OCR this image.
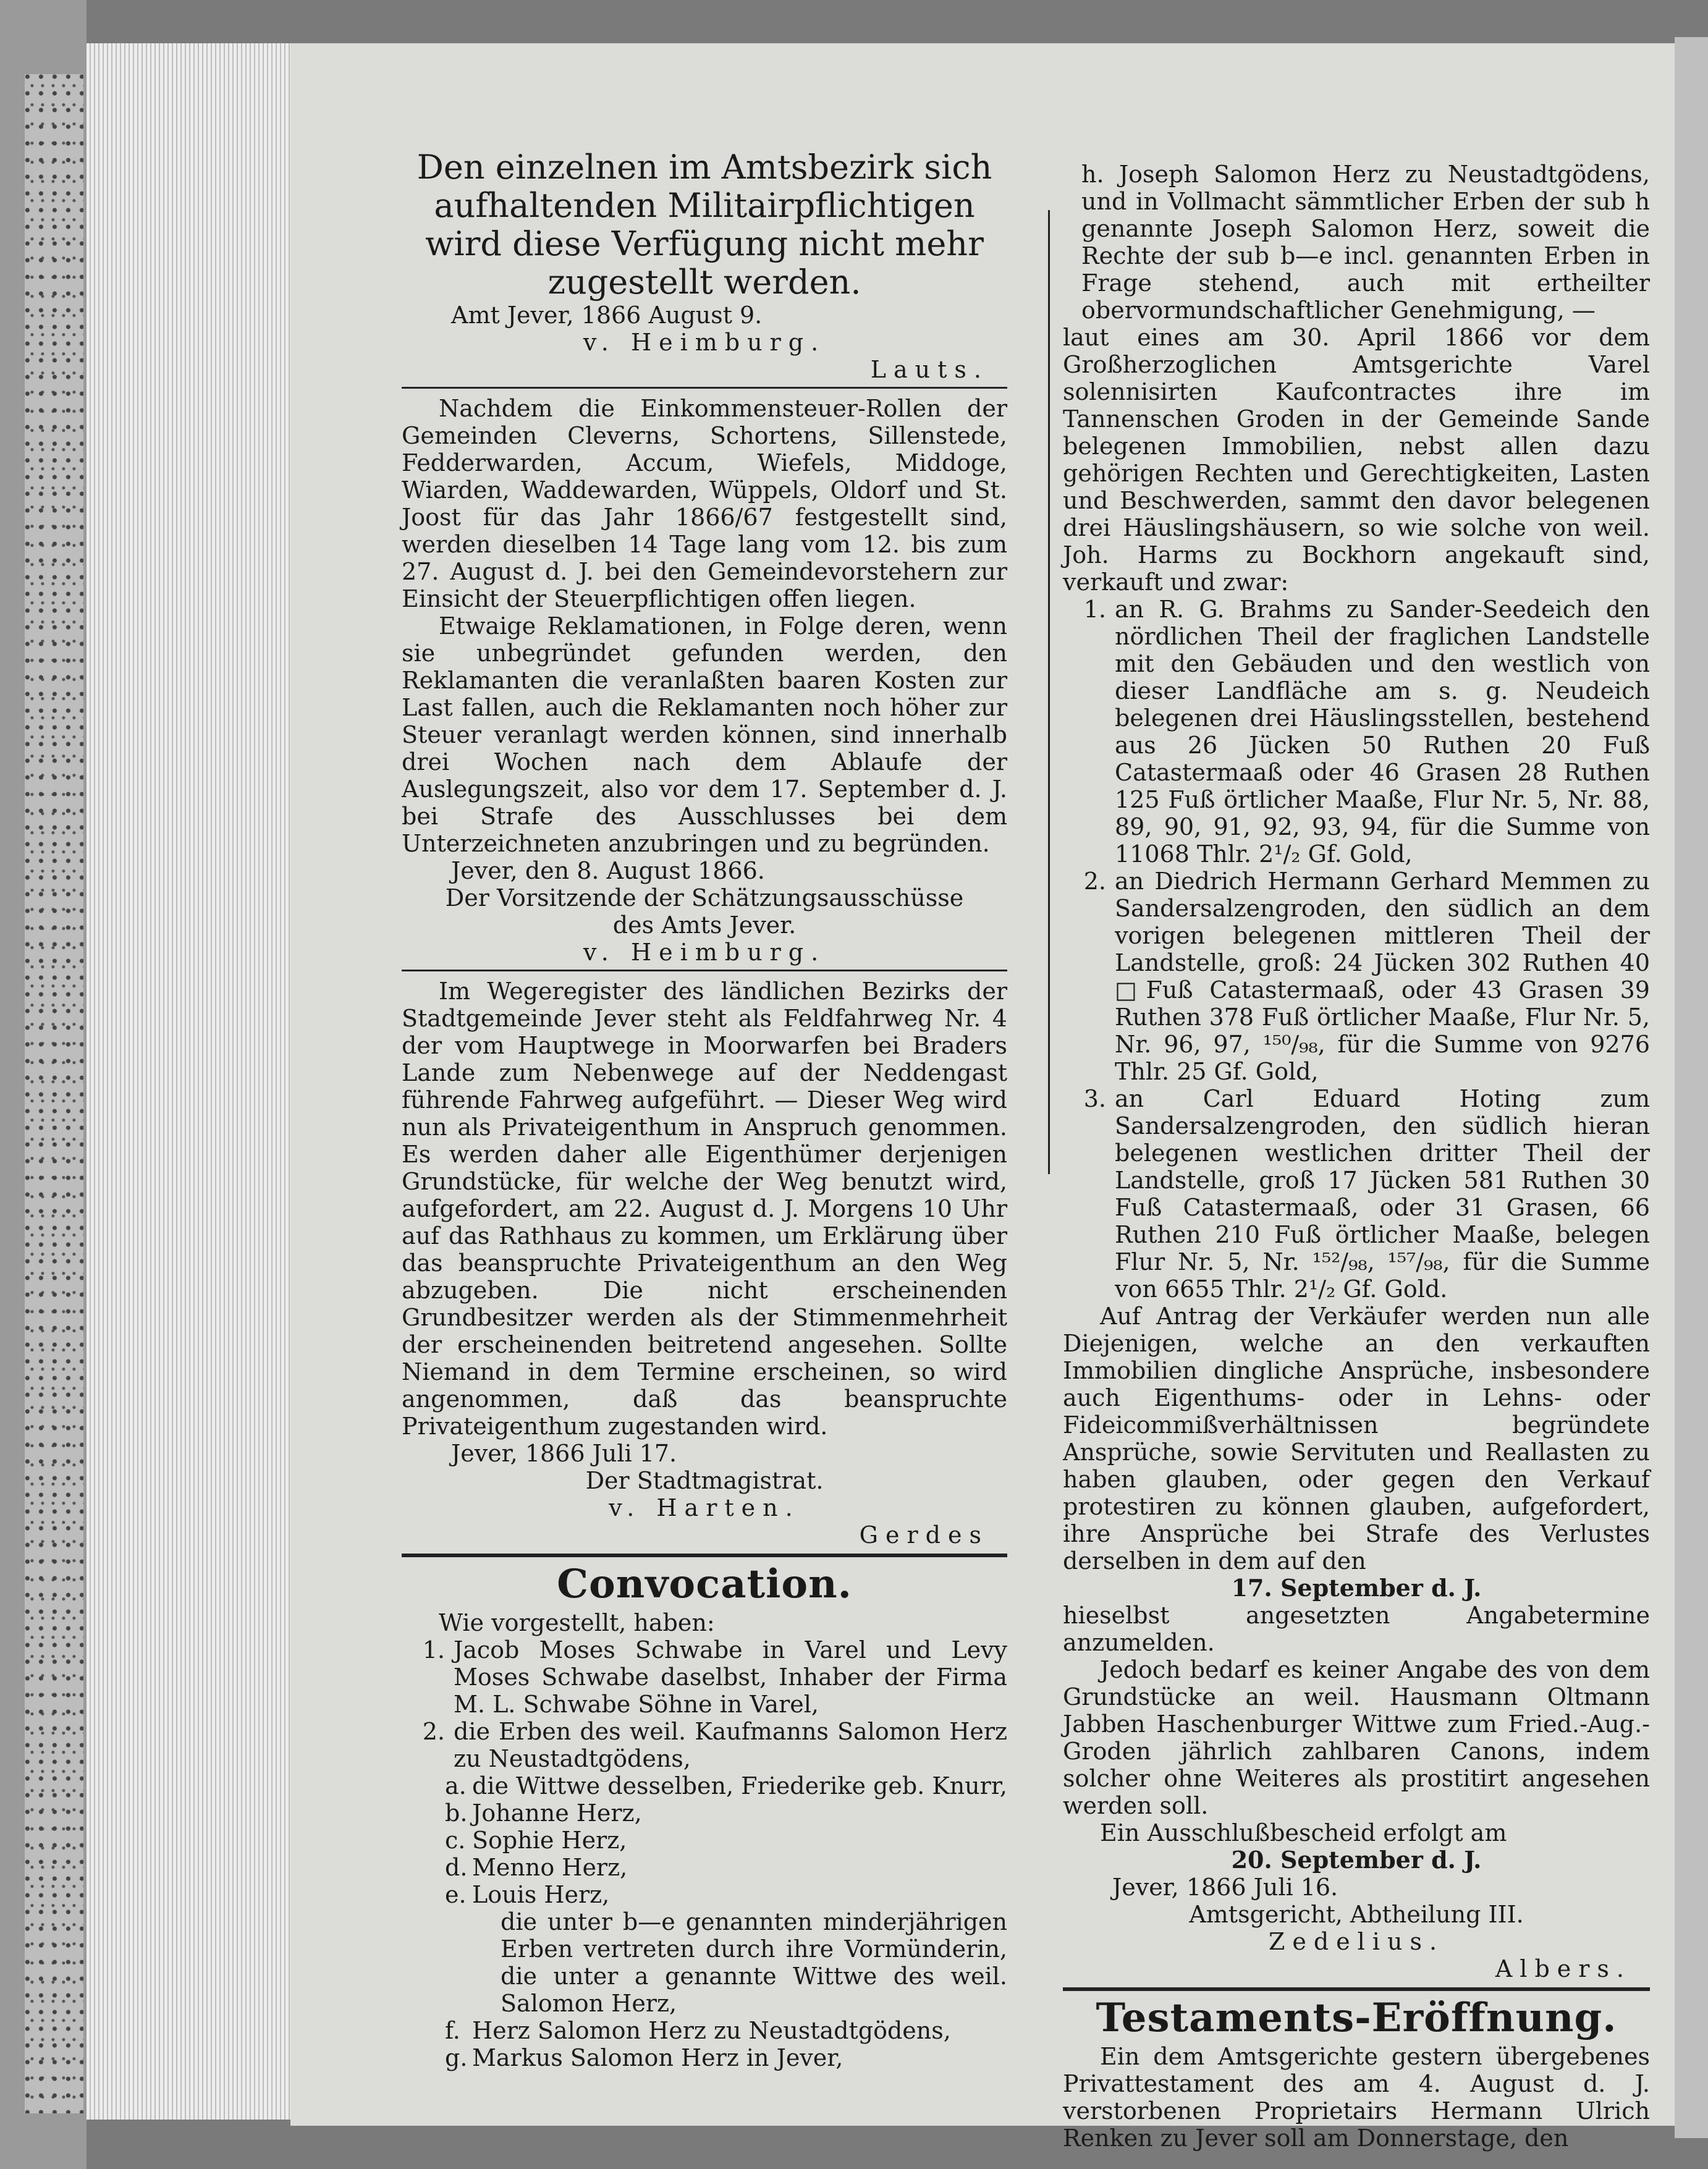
Den einzelnen im Amtsbezirk sich aufhaltenden Militairpflichtigen wird diese Verfügung nicht mehr zugestellt werden.

Amt Jever, 1866 August 9.

v. Heimburg.

Lauts.

Nachdem die Einkommensteuer-Rollen der Gemeinden Cleverns, Schortens, Sillenstede, Fedderwarden, Accum, Wiefels, Middoge, Wiarden, Waddewarden, Wüppels, Oldorf und St. Joost für das Jahr 1866/67 festgestellt sind, werden dieselben 14 Tage lang vom 12. bis zum 27. August d. J. bei den Gemeindevorstehern zur Einsicht der Steuerpflichtigen offen liegen.

Etwaige Reklamationen, in Folge deren, wenn sie unbegründet gefunden werden, den Reklamanten die veranlaßten baaren Kosten zur Last fallen, auch die Reklamanten noch höher zur Steuer veranlagt werden können, sind innerhalb drei Wochen nach dem Ablaufe der Auslegungszeit, also vor dem 17. September d. J. bei Strafe des Ausschlusses bei dem Unterzeichneten anzubringen und zu begründen.

Jever, den 8. August 1866.

Der Vorsitzende der Schätzungsausschüsse

des Amts Jever.

v. Heimburg.

Im Wegeregister des ländlichen Bezirks der Stadtgemeinde Jever steht als Feldfahrweg Nr. 4 der vom Hauptwege in Moorwarfen bei Braders Lande zum Nebenwege auf der Neddengast führende Fahrweg aufgeführt. — Dieser Weg wird nun als Privateigenthum in Anspruch genommen. Es werden daher alle Eigenthümer derjenigen Grundstücke, für welche der Weg benutzt wird, aufgefordert, am 22. August d. J. Morgens 10 Uhr auf das Rathhaus zu kommen, um Erklärung über das beanspruchte Privateigenthum an den Weg abzugeben. Die nicht erscheinenden Grundbesitzer werden als der Stimmenmehrheit der erscheinenden beitretend angesehen. Sollte Niemand in dem Termine erscheinen, so wird angenommen, daß das beanspruchte Privateigenthum zugestanden wird.

Jever, 1866 Juli 17.

Der Stadtmagistrat.

v. Harten.

Gerdes

Convocation.

Wie vorgestellt, haben:

1. Jacob Moses Schwabe in Varel und Levy Moses Schwabe daselbst, Inhaber der Firma M. L. Schwabe Söhne in Varel,

2. die Erben des weil. Kaufmanns Salomon Herz zu Neustadtgödens,

a. die Wittwe desselben, Friederike geb. Knurr,

b. Johanne Herz,

c. Sophie Herz,

d. Menno Herz,

e. Louis Herz,

die unter b—e genannten minderjährigen Erben vertreten durch ihre Vormünderin, die unter a genannte Wittwe des weil. Salomon Herz,

f. Herz Salomon Herz zu Neustadtgödens,

g. Markus Salomon Herz in Jever,

h. Joseph Salomon Herz zu Neustadtgödens, und in Vollmacht sämmtlicher Erben der sub h genannte Joseph Salomon Herz, soweit die Rechte der sub b—e incl. genannten Erben in Frage stehend, auch mit ertheilter obervormundschaftlicher Genehmigung, —

laut eines am 30. April 1866 vor dem Großherzoglichen Amtsgerichte Varel solennisirten Kaufcontractes ihre im Tannenschen Groden in der Gemeinde Sande belegenen Immobilien, nebst allen dazu gehörigen Rechten und Gerechtigkeiten, Lasten und Beschwerden, sammt den davor belegenen drei Häuslingshäusern, so wie solche von weil. Joh. Harms zu Bockhorn angekauft sind, verkauft und zwar:

1. an R. G. Brahms zu Sander-Seedeich den nördlichen Theil der fraglichen Landstelle mit den Gebäuden und den westlich von dieser Landfläche am s. g. Neudeich belegenen drei Häuslingsstellen, bestehend aus 26 Jücken 50 Ruthen 20 Fuß Catastermaaß oder 46 Grasen 28 Ruthen 125 Fuß örtlicher Maaße, Flur Nr. 5, Nr. 88, 89, 90, 91, 92, 93, 94, für die Summe von 11068 Thlr. 2¹/₂ Gf. Gold,

2. an Diedrich Hermann Gerhard Memmen zu Sandersalzengroden, den südlich an dem vorigen belegenen mittleren Theil der Landstelle, groß: 24 Jücken 302 Ruthen 40 □Fuß Catastermaaß, oder 43 Grasen 39 Ruthen 378 Fuß örtlicher Maaße, Flur Nr. 5, Nr. 96, 97, ¹⁵⁰/₉₈, für die Summe von 9276 Thlr. 25 Gf. Gold,

3. an Carl Eduard Hoting zum Sandersalzengroden, den südlich hieran belegenen westlichen dritter Theil der Landstelle, groß 17 Jücken 581 Ruthen 30 Fuß Catastermaaß, oder 31 Grasen, 66 Ruthen 210 Fuß örtlicher Maaße, belegen Flur Nr. 5, Nr. ¹⁵²/₉₈, ¹⁵⁷/₉₈, für die Summe von 6655 Thlr. 2¹/₂ Gf. Gold.

Auf Antrag der Verkäufer werden nun alle Diejenigen, welche an den verkauften Immobilien dingliche Ansprüche, insbesondere auch Eigenthums- oder in Lehns- oder Fideicommißverhältnissen begründete Ansprüche, sowie Servituten und Reallasten zu haben glauben, oder gegen den Verkauf protestiren zu können glauben, aufgefordert, ihre Ansprüche bei Strafe des Verlustes derselben in dem auf den

17. September d. J.

hieselbst angesetzten Angabetermine anzumelden.

Jedoch bedarf es keiner Angabe des von dem Grundstücke an weil. Hausmann Oltmann Jabben Haschenburger Wittwe zum Fried.-Aug.-Groden jährlich zahlbaren Canons, indem solcher ohne Weiteres als prostitirt angesehen werden soll.

Ein Ausschlußbescheid erfolgt am

20. September d. J.

Jever, 1866 Juli 16.

Amtsgericht, Abtheilung III.

Zedelius.

Albers.

Testaments-Eröffnung.

Ein dem Amtsgerichte gestern übergebenes Privattestament des am 4. August d. J. verstorbenen Proprietairs Hermann Ulrich Renken zu Jever soll am Donnerstage, den
